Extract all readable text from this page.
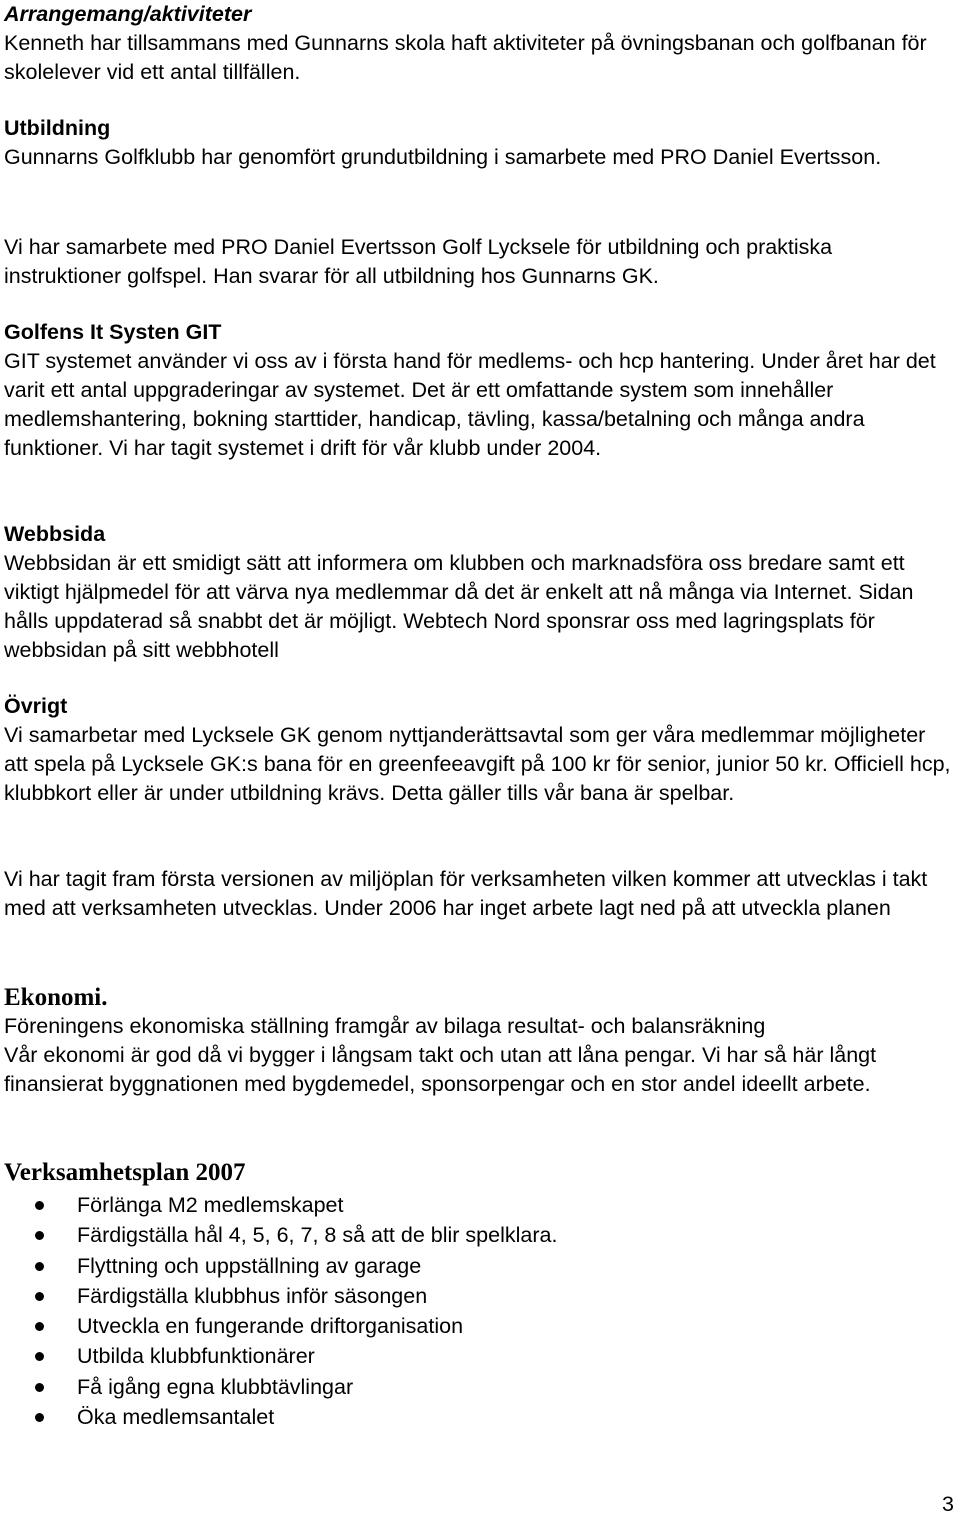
Arrangemang/aktiviteter

Kenneth har tillsammans med Gunnarns skola haft aktiviteter på övningsbanan och golfbanan för skolelever vid ett antal tillfällen.

Utbildning

Gunnarns Golfklubb har genomfört grundutbildning i samarbete med PRO Daniel Evertsson.

Vi har samarbete med PRO Daniel Evertsson Golf Lycksele för utbildning och praktiska instruktioner golfspel. Han svarar för all utbildning hos Gunnarns GK.

Golfens It Systen GIT

GIT systemet använder vi oss av i första hand för medlems- och hcp hantering. Under året har det varit ett antal uppgraderingar av systemet. Det är ett omfattande system som innehåller medlemshantering, bokning starttider, handicap, tävling, kassa/betalning och många andra funktioner. Vi har tagit systemet i drift för vår klubb under 2004.

Webbsida

Webbsidan är ett smidigt sätt att informera om klubben och marknadsföra oss bredare samt ett viktigt hjälpmedel för att värva nya medlemmar då det är enkelt att nå många via Internet. Sidan hålls uppdaterad så snabbt det är möjligt. Webtech Nord sponsrar oss med lagringsplats för webbsidan på sitt webbhotell

Övrigt

Vi samarbetar med Lycksele GK genom nyttjanderättsavtal som ger våra medlemmar möjligheter att spela på Lycksele GK:s bana för en greenfeeavgift på 100 kr för senior, junior 50 kr. Officiell hcp, klubbkort eller är under utbildning krävs. Detta gäller tills vår bana är spelbar.

Vi har tagit fram första versionen av miljöplan för verksamheten vilken kommer att utvecklas i takt med att verksamheten utvecklas. Under 2006 har inget arbete lagt ned på att utveckla planen

Ekonomi.

Föreningens ekonomiska ställning framgår av bilaga resultat- och balansräkning

Vår ekonomi är god då vi bygger i långsam takt och utan att låna pengar. Vi har så här långt finansierat byggnationen med bygdemedel, sponsorpengar och en stor andel ideellt arbete.

Verksamhetsplan 2007
Förlänga M2 medlemskapet
Färdigställa hål 4, 5, 6, 7, 8 så att de blir spelklara.
Flyttning och uppställning av garage
Färdigställa klubbhus inför säsongen
Utveckla en fungerande driftorganisation
Utbilda klubbfunktionärer
Få igång egna klubbtävlingar
Öka medlemsantalet
3
